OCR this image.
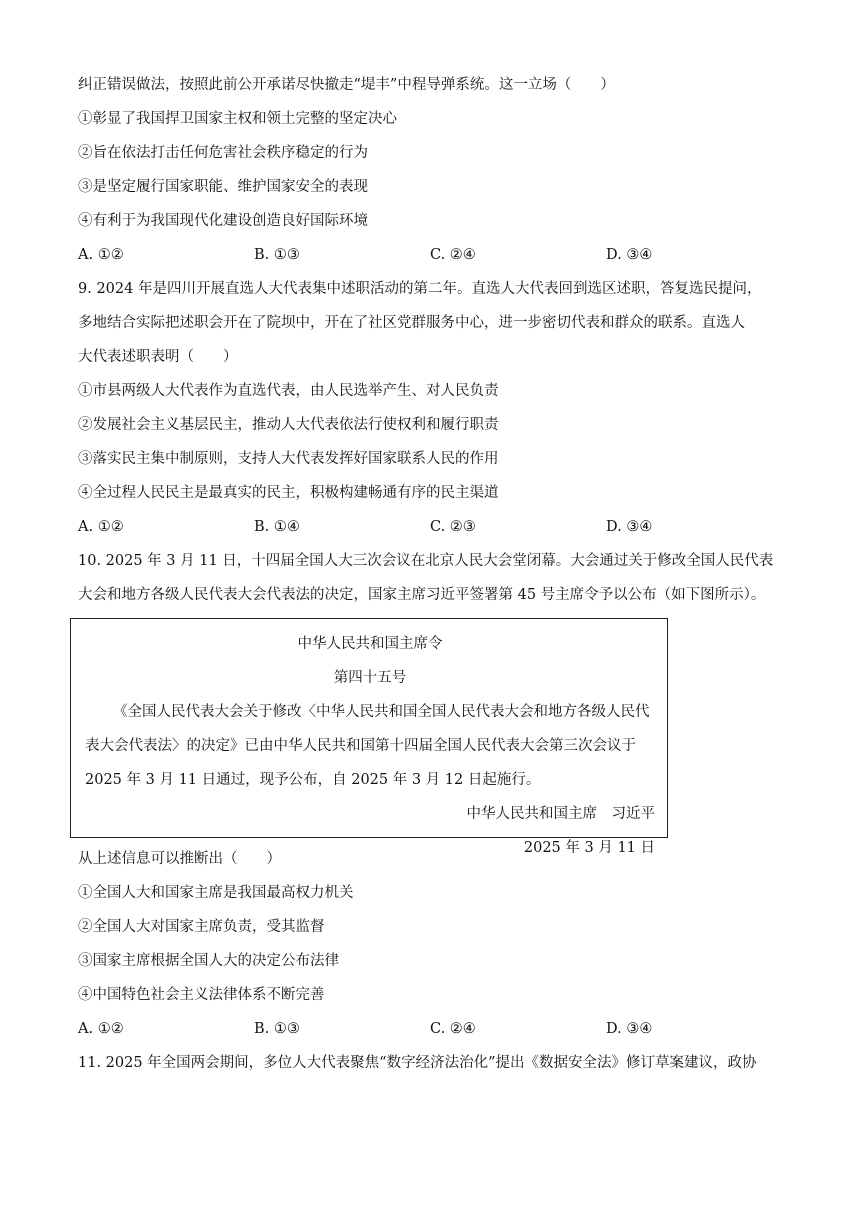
纠正错误做法，按照此前公开承诺尽快撤走“堤丰”中程导弹系统。这一立场（　　）
①彰显了我国捍卫国家主权和领土完整的坚定决心
②旨在依法打击任何危害社会秩序稳定的行为
③是坚定履行国家职能、维护国家安全的表现
④有利于为我国现代化建设创造良好国际环境
A. ①②	B. ①③	C. ②④	D. ③④
9. 2024 年是四川开展直选人大代表集中述职活动的第二年。直选人大代表回到选区述职，答复选民提问，
多地结合实际把述职会开在了院坝中，开在了社区党群服务中心，进一步密切代表和群众的联系。直选人
大代表述职表明（　　）
①市县两级人大代表作为直选代表，由人民选举产生、对人民负责
②发展社会主义基层民主，推动人大代表依法行使权利和履行职责
③落实民主集中制原则，支持人大代表发挥好国家联系人民的作用
④全过程人民民主是最真实的民主，积极构建畅通有序的民主渠道
A. ①②	B. ①④	C. ②③	D. ③④
10. 2025 年 3 月 11 日，十四届全国人大三次会议在北京人民大会堂闭幕。大会通过关于修改全国人民代表
大会和地方各级人民代表大会代表法的决定，国家主席习近平签署第 45 号主席令予以公布（如下图所示）。
中华人民共和国主席令
第四十五号
《全国人民代表大会关于修改〈中华人民共和国全国人民代表大会和地方各级人民代
表大会代表法〉的决定》已由中华人民共和国第十四届全国人民代表大会第三次会议于
2025 年 3 月 11 日通过，现予公布，自 2025 年 3 月 12 日起施行。
中华人民共和国主席　习近平
2025 年 3 月 11 日
从上述信息可以推断出（　　）
①全国人大和国家主席是我国最高权力机关
②全国人大对国家主席负责，受其监督
③国家主席根据全国人大的决定公布法律
④中国特色社会主义法律体系不断完善
A. ①②	B. ①③	C. ②④	D. ③④
11. 2025 年全国两会期间，多位人大代表聚焦“数字经济法治化”提出《数据安全法》修订草案建议，政协
